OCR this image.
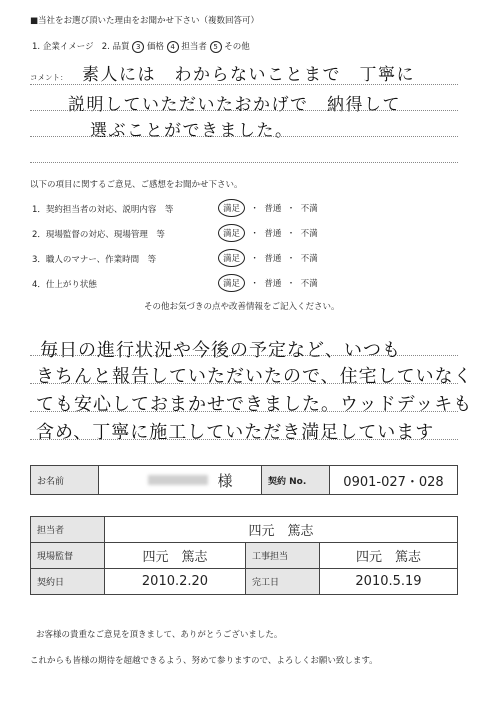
■当社をお選び頂いた理由をお聞かせ下さい（複数回答可）
1. 企業イメージ 2. 品質 3 価格 4 担当者 5 その他
コメント： 素人には　わからないことまで　丁寧に
説明していただいたおかげで　納得して
選ぶことができました。
以下の項目に関するご意見、ご感想をお聞かせ下さい。
1．契約担当者の対応、説明内容　等	満足  ・  普通  ・  不満
2．現場監督の対応、現場管理　等	満足  ・  普通  ・  不満
3．職人のマナー、作業時間　等	満足  ・  普通  ・  不満
4．仕上がり状態	満足  ・  普通  ・  不満
その他お気づきの点や改善情報をご記入ください。
毎日の進行状況や今後の予定など、いつも
きちんと報告していただいたので、住宅していなく
ても安心しておまかせできました。ウッドデッキも
含め、丁寧に施工していただき満足しています
お名前	様	契約 No.	0901-027・028
担当者	四元　篤志		
現場監督	四元　篤志	工事担当	四元　篤志
契約日	2010.2.20	完工日	2010.5.19
お客様の貴重なご意見を頂きまして、ありがとうございました。
これからも皆様の期待を超越できるよう、努めて参りますので、よろしくお願い致します。
